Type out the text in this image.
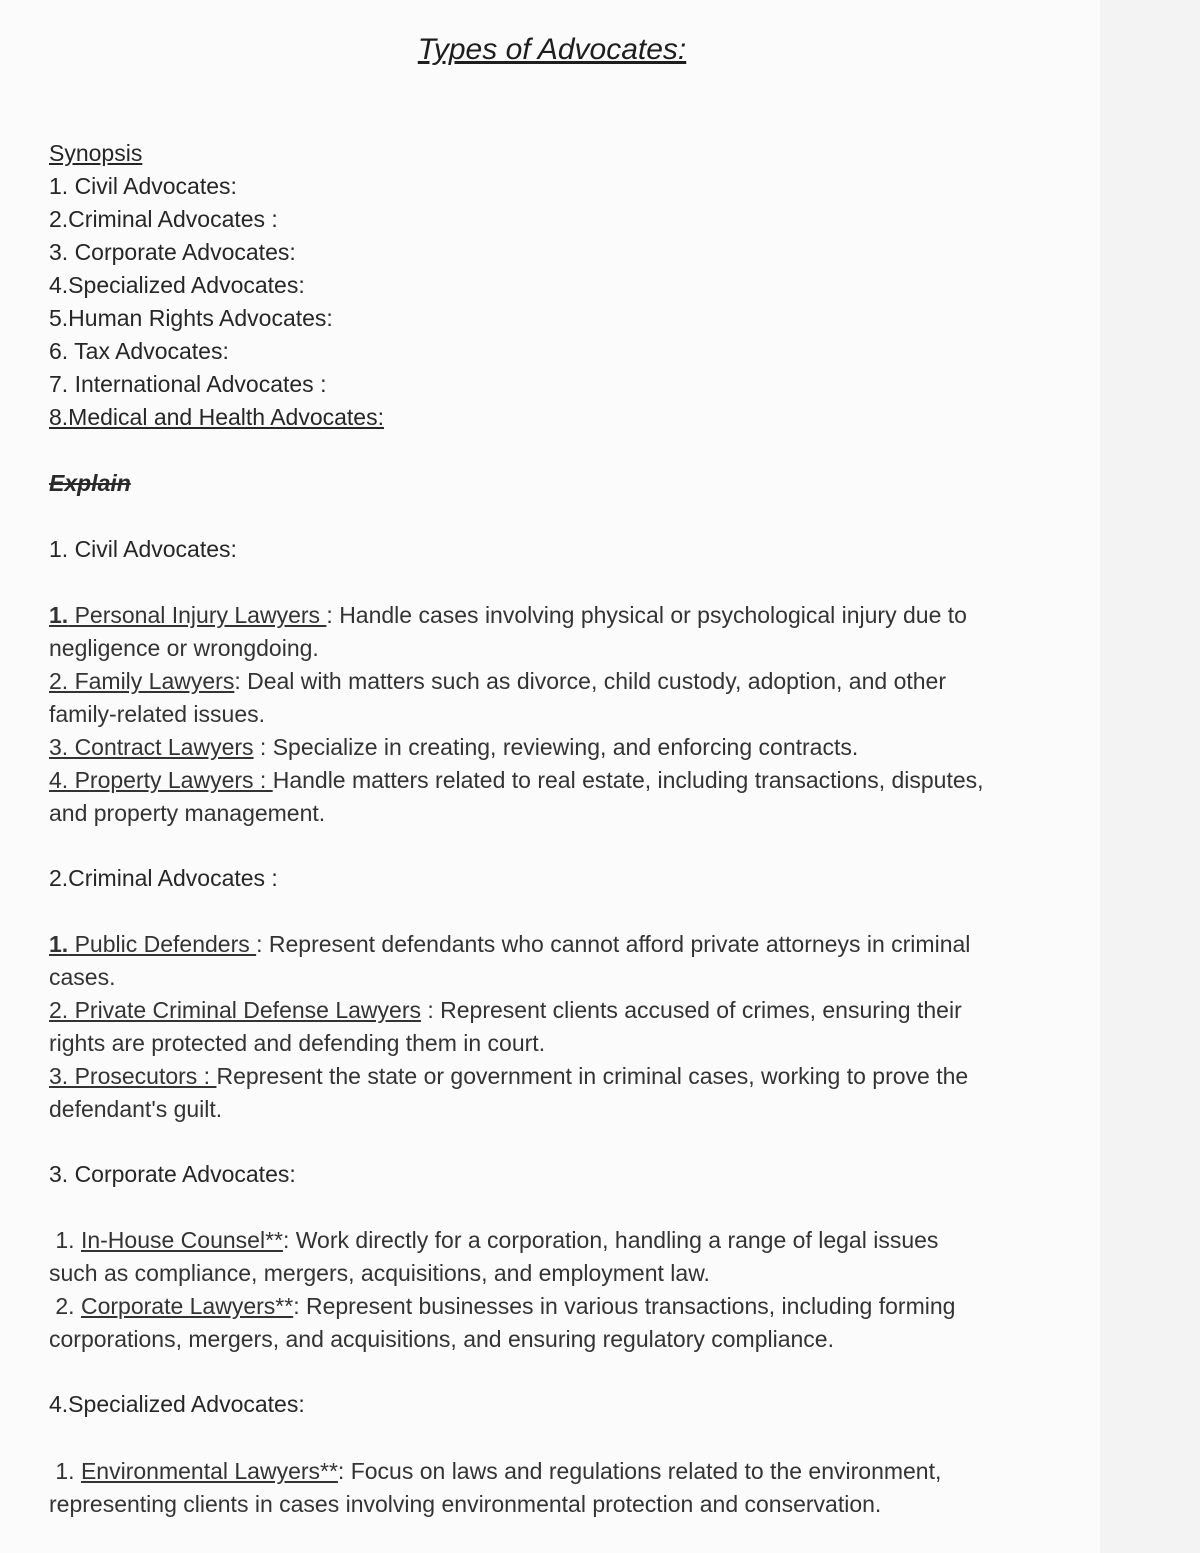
Types of Advocates:
Synopsis
1. Civil Advocates:
2.Criminal Advocates :
3. Corporate Advocates:
4.Specialized Advocates:
5.Human Rights Advocates:
6. Tax Advocates:
7. International Advocates :
8.Medical and Health Advocates:
Explain
1. Civil Advocates:
1. Personal Injury Lawyers : Handle cases involving physical or psychological injury due to
negligence or wrongdoing.
2. Family Lawyers: Deal with matters such as divorce, child custody, adoption, and other
family-related issues.
3. Contract Lawyers : Specialize in creating, reviewing, and enforcing contracts.
4. Property Lawyers : Handle matters related to real estate, including transactions, disputes,
and property management.
2.Criminal Advocates :
1. Public Defenders : Represent defendants who cannot afford private attorneys in criminal
cases.
2. Private Criminal Defense Lawyers : Represent clients accused of crimes, ensuring their
rights are protected and defending them in court.
3. Prosecutors : Represent the state or government in criminal cases, working to prove the
defendant's guilt.
3. Corporate Advocates:
1. In-House Counsel**: Work directly for a corporation, handling a range of legal issues
such as compliance, mergers, acquisitions, and employment law.
2. Corporate Lawyers**: Represent businesses in various transactions, including forming
corporations, mergers, and acquisitions, and ensuring regulatory compliance.
4.Specialized Advocates:
1. Environmental Lawyers**: Focus on laws and regulations related to the environment,
representing clients in cases involving environmental protection and conservation.
